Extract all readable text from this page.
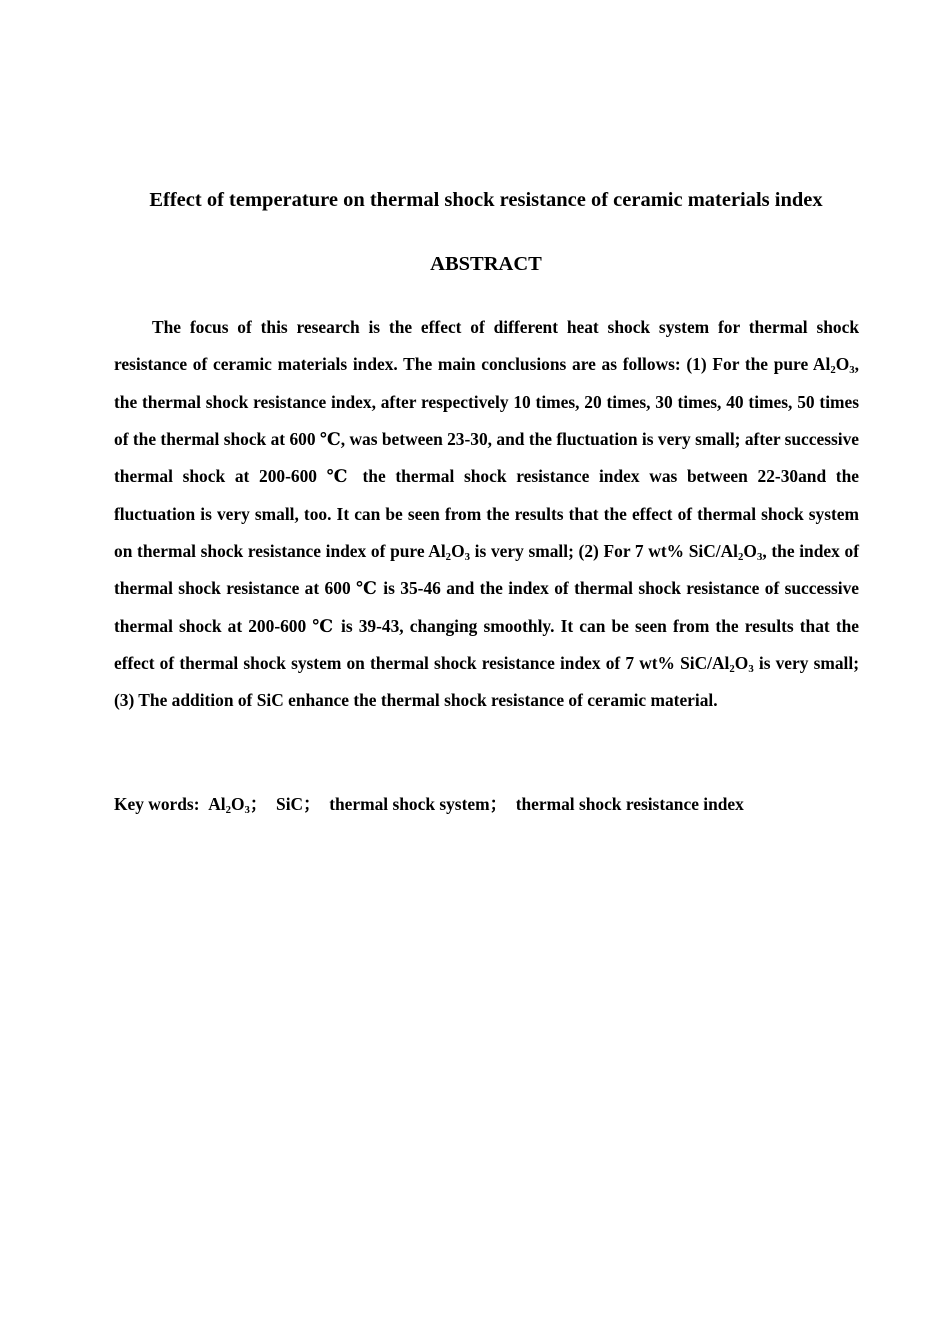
Effect of temperature on thermal shock resistance of ceramic materials index
ABSTRACT

The focus of this research is the effect of different heat shock system for thermal shock resistance of ceramic materials index. The main conclusions are as follows: (1) For the pure $Al_2O_3$, the thermal shock resistance index, after respectively 10 times, 20 times, 30 times, 40 times, 50 times of the thermal shock at 600 ℃, was between 23-30, and the fluctuation is very small; after successive thermal shock at 200-600 ℃ the thermal shock resistance index was between 22-30and the fluctuation is very small, too. It can be seen from the results that the effect of thermal shock system on thermal shock resistance index of pure $Al_2O_3$ is very small; (2) For 7 wt% SiC/$Al_2O_3$, the index of thermal shock resistance at 600 ℃ is 35-46 and the index of thermal shock resistance of successive thermal shock at 200-600 ℃ is 39-43, changing smoothly. It can be seen from the results that the effect of thermal shock system on thermal shock resistance index of 7 wt% SiC/$Al_2O_3$ is very small; (3) The addition of SiC enhance the thermal shock resistance of ceramic material.

Key words: $Al_2O_3$； SiC； thermal shock system； thermal shock resistance index
